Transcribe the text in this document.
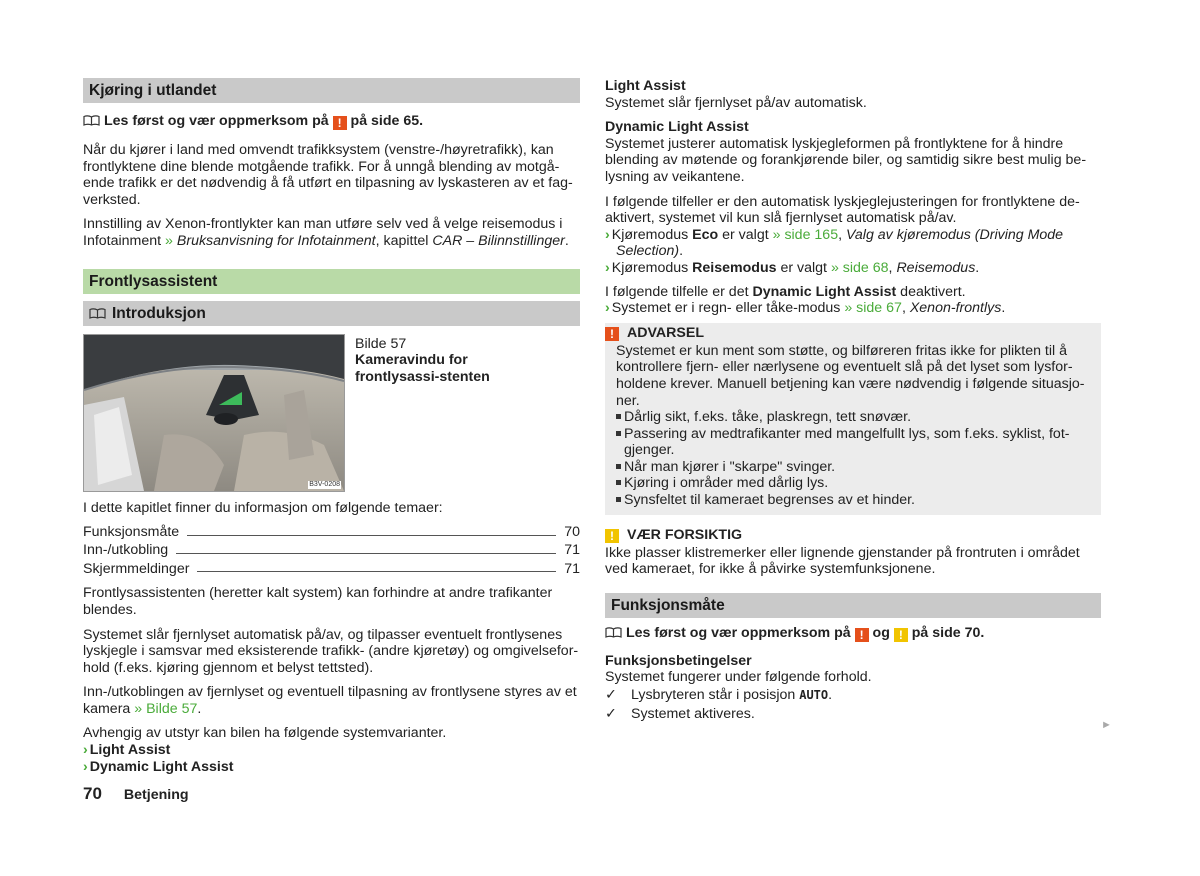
Kjøring i utlandet

Les først og vær oppmerksom på ! på side 65.

Når du kjører i land med omvendt trafikksystem (venstre-/høyretrafikk), kan frontlyktene dine blende motgående trafikk. For å unngå blending av motgå-ende trafikk er det nødvendig å få utført en tilpasning av lyskasteren av et fag-verksted.

Innstilling av Xenon-frontlykter kan man utføre selv ved å velge reisemodus i Infotainment » Bruksanvisning for Infotainment, kapittel CAR – Bilinnstillinger.

Frontlysassistent
Introduksjon
B3V-0208

Bilde 57

Kameravindu for frontlysassi-stenten

I dette kapitlet finner du informasjon om følgende temaer:

Funksjonsmåte	70
Inn-/utkobling	71
Skjermmeldinger	71

Frontlysassistenten (heretter kalt system) kan forhindre at andre trafikanter blendes.

Systemet slår fjernlyset automatisk på/av, og tilpasser eventuelt frontlysenes lyskjegle i samsvar med eksisterende trafikk- (andre kjøretøy) og omgivelsefor-hold (f.eks. kjøring gjennom et belyst tettsted).

Inn-/utkoblingen av fjernlyset og eventuell tilpasning av frontlysene styres av et kamera » Bilde 57.

Avhengig av utstyr kan bilen ha følgende systemvarianter.

› Light Assist

› Dynamic Light Assist

Light Assist

Systemet slår fjernlyset på/av automatisk.

Dynamic Light Assist

Systemet justerer automatisk lyskjegleformen på frontlyktene for å hindre blending av møtende og forankjørende biler, og samtidig sikre best mulig be-lysning av veikantene.

I følgende tilfeller er den automatisk lyskjeglejusteringen for frontlyktene de-aktivert, systemet vil kun slå fjernlyset automatisk på/av.

› Kjøremodus Eco er valgt » side 165, Valg av kjøremodus (Driving Mode Selection).

› Kjøremodus Reisemodus er valgt » side 68, Reisemodus.

I følgende tilfelle er det Dynamic Light Assist deaktivert.

› Systemet er i regn- eller tåke-modus » side 67, Xenon-frontlys.

! ADVARSEL

Systemet er kun ment som støtte, og bilføreren fritas ikke for plikten til å kontrollere fjern- eller nærlysene og eventuelt slå på det lyset som lysfor-holdene krever. Manuell betjening kan være nødvendig i følgende situasjo-ner.

Dårlig sikt, f.eks. tåke, plaskregn, tett snøvær.
Passering av medtrafikanter med mangelfullt lys, som f.eks. syklist, fot-gjenger.
Når man kjører i "skarpe" svinger.
Kjøring i områder med dårlig lys.
Synsfeltet til kameraet begrenses av et hinder.
! VÆR FORSIKTIG

Ikke plasser klistremerker eller lignende gjenstander på frontruten i området ved kameraet, for ikke å påvirke systemfunksjonene.

Funksjonsmåte

Les først og vær oppmerksom på ! og ! på side 70.

Funksjonsbetingelser

Systemet fungerer under følgende forhold.

✓ Lysbryteren står i posisjon AUTO.
✓ Systemet aktiveres.
►
70 Betjening
